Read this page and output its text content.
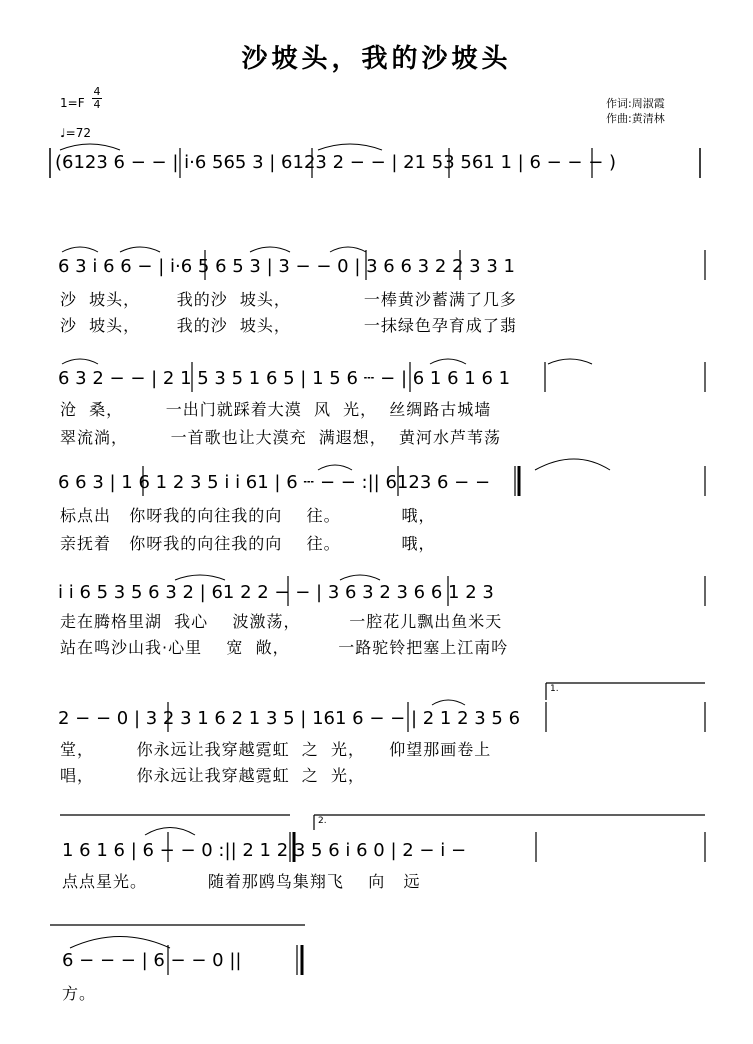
沙坡头，我的沙坡头
1=F
4
4
♩=72
作词:周淑霞
作曲:黄清林
1.
2.
(6123 6 − − | i·6 565 3 | 6123 2 − − | 21 53 561 1 | 6 − − − )
6 3 i 6 6 − | i·6 5 6 5 3 | 3 − − 0 | 3 6 6 3 2 2 3 3 1
沙  坡头，      我的沙  坡头，            一棒黄沙蓄满了几多
沙  坡头，      我的沙  坡头，            一抹绿色孕育成了翡
6 3 2 − − | 2 1 5 3 5 1 6 5 | 1 5 6 ┄ − | 6 1 6 1 6 1
沧  桑，       一出门就踩着大漠  风  光，  丝绸路古城墙
翠流淌，       一首歌也让大漠充  满遐想，  黄河水芦苇荡
6 6 3 | 1 6 1 2 3 5 i i 61 | 6 ┄ − − :|| 6123 6 − −
标点出   你呀我的向往我的向    往。          哦，
亲抚着   你呀我的向往我的向    往。          哦，
i i 6 5 3 5 6 3 2 | 61 2 2 − − | 3 6 3 2 3 6 6 1 2 3
走在腾格里湖  我心    波激荡，        一腔花儿飘出鱼米天
站在鸣沙山我·心里    宽  敞，        一路驼铃把塞上江南吟
2 − − 0 | 3 2 3 1 6 2 1 3 5 | 161 6 − − | 2 1 2 3 5 6
堂，       你永远让我穿越霓虹  之  光，    仰望那画卷上
唱，       你永远让我穿越霓虹  之  光，
1 6 1 6 | 6 − − 0 :|| 2 1 2 3 5 6 i 6 0 | 2 − i −
点点星光。          随着那鸥鸟集翔飞    向   远
6 − − − | 6 − − 0 ||
方。
